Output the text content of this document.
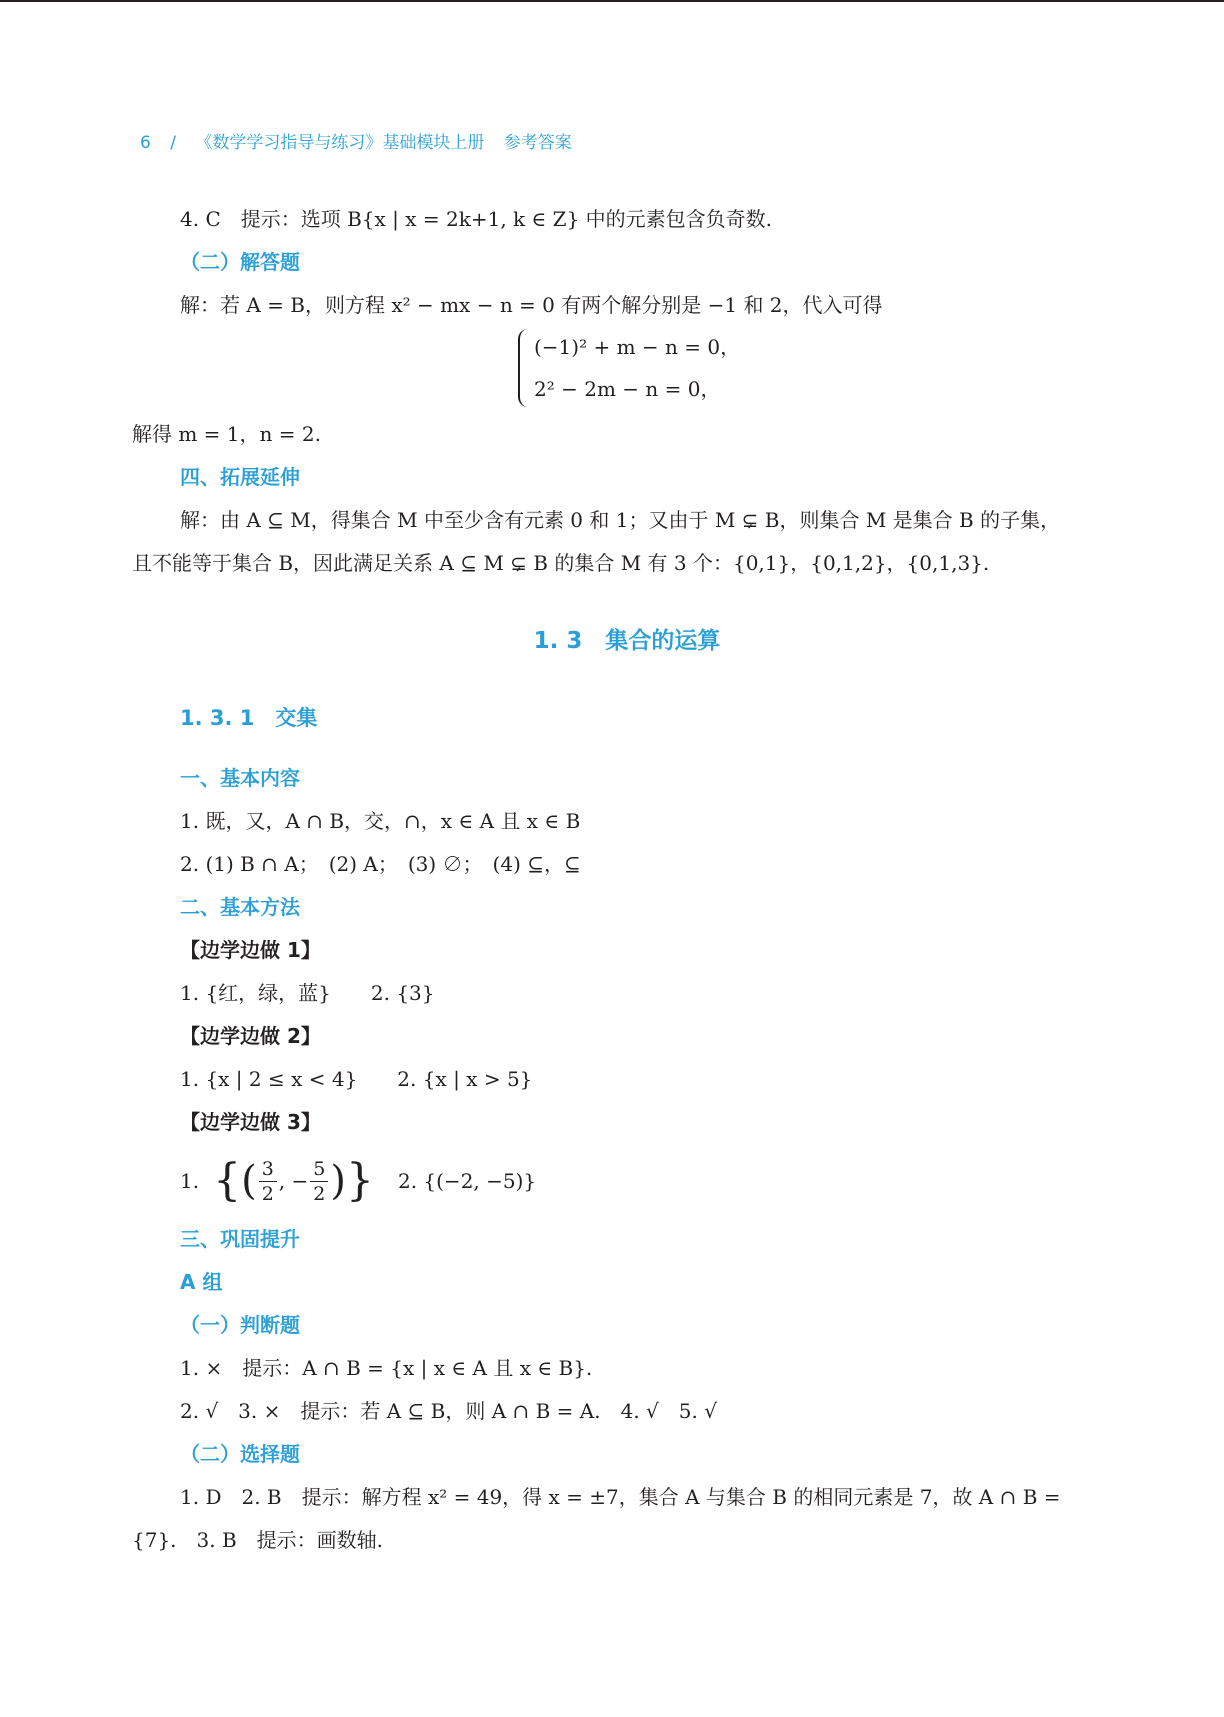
6 / 《数学学习指导与练习》基础模块上册 参考答案
4. C　提示：选项 B{x | x = 2k+1, k ∈ Z} 中的元素包含负奇数.
（二）解答题
解：若 A = B，则方程 x² − mx − n = 0 有两个解分别是 −1 和 2，代入可得
(−1)² + m − n = 0，
2² − 2m − n = 0，
解得 m = 1，n = 2.
四、拓展延伸
解：由 A ⊆ M，得集合 M 中至少含有元素 0 和 1；又由于 M ⊊ B，则集合 M 是集合 B 的子集，
且不能等于集合 B，因此满足关系 A ⊆ M ⊊ B 的集合 M 有 3 个：{0,1}，{0,1,2}，{0,1,3}.
1. 3　集合的运算
1. 3. 1　交集
一、基本内容
1. 既，又，A ∩ B，交，∩，x ∈ A 且 x ∈ B
2. (1) B ∩ A；　(2) A；　(3) ∅；　(4) ⊆，⊆
二、基本方法
【边学边做 1】
1. {红，绿，蓝}　　2. {3}
【边学边做 2】
1. {x | 2 ≤ x < 4}　　2. {x | x > 5}
【边学边做 3】
1. { ( $\frac{3}{2}$ , − $\frac{5}{2}$ ) } 2. {(−2, −5)}
三、巩固提升
A 组
（一）判断题
1. ×　提示：A ∩ B = {x | x ∈ A 且 x ∈ B}.
2. √　3. ×　提示：若 A ⊆ B，则 A ∩ B = A.　4. √　5. √
（二）选择题
1. D　2. B　提示：解方程 x² = 49，得 x = ±7，集合 A 与集合 B 的相同元素是 7，故 A ∩ B =
{7}.　3. B　提示：画数轴.
